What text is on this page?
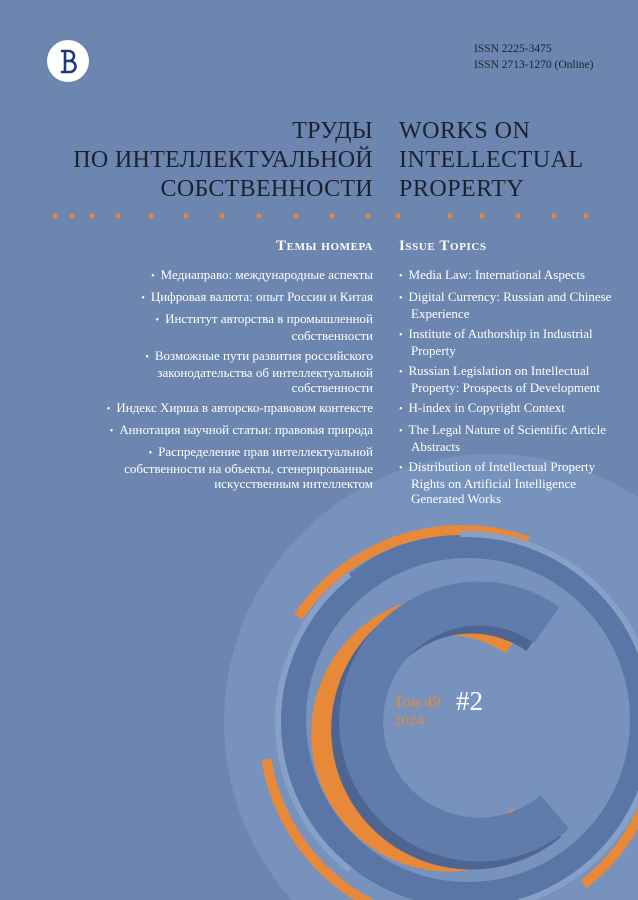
ISSN 2225-3475
ISSN 2713-1270 (Online)
ТРУДЫ
ПО ИНТЕЛЛЕКТУАЛЬНОЙ
СОБСТВЕННОСТИ
WORKS ON
INTELLECTUAL
PROPERTY
Темы номера Issue Topics
• Медиаправо: международные аспекты
• Цифровая валюта: опыт России и Китая
• Институт авторства в промышленной собственности
• Возможные пути развития российского законодательства об интеллектуальной собственности
• Индекс Хирша в авторско-правовом контексте
• Аннотация научной статьи: правовая природа
• Распределение прав интеллектуальной собственности на объекты, сгенерированные искусственным интеллектом
• Media Law: International Aspects
• Digital Currency: Russian and Chinese Experience
• Institute of Authorship in Industrial Property
• Russian Legislation on Intellectual Property: Prospects of Development
• H-index in Copyright Context
• The Legal Nature of Scientific Article Abstracts
• Distribution of Intellectual Property Rights on Artificial Intelligence Generated Works
Том 49 #2
2024
